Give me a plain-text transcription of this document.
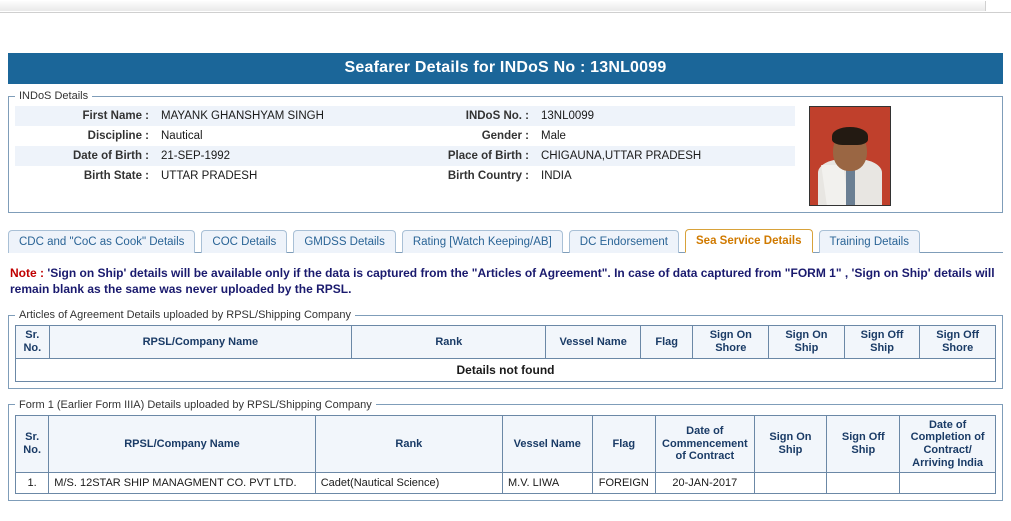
Seafarer Details for INDoS No : 13NL0099
INDoS Details
First Name :	MAYANK GHANSHYAM SINGH	INDoS No. :	13NL0099
Discipline :	Nautical	Gender :	Male
Date of Birth :	21-SEP-1992	Place of Birth :	CHIGAUNA,UTTAR PRADESH
Birth State :	UTTAR PRADESH	Birth Country :	INDIA
CDC and "CoC as Cook" Details	COC Details	GMDSS Details	Rating [Watch Keeping/AB]	DC Endorsement	Sea Service Details	Training Details
Note : 'Sign on Ship' details will be available only if the data is captured from the "Articles of Agreement". In case of data captured from "FORM 1" , 'Sign on Ship' details will remain blank as the same was never uploaded by the RPSL.
Articles of Agreement Details uploaded by RPSL/Shipping Company
Sr. No.	RPSL/Company Name	Rank	Vessel Name	Flag	Sign On Shore	Sign On Ship	Sign Off Ship	Sign Off Shore
Details not found
Form 1 (Earlier Form IIIA) Details uploaded by RPSL/Shipping Company
Sr. No.	RPSL/Company Name	Rank	Vessel Name	Flag	Date of Commencement of Contract	Sign On Ship	Sign Off Ship	Date of Completion of Contract/ Arriving India
1.	M/S. 12STAR SHIP MANAGMENT CO. PVT LTD.	Cadet(Nautical Science)	M.V. LIWA	FOREIGN	20-JAN-2017			
